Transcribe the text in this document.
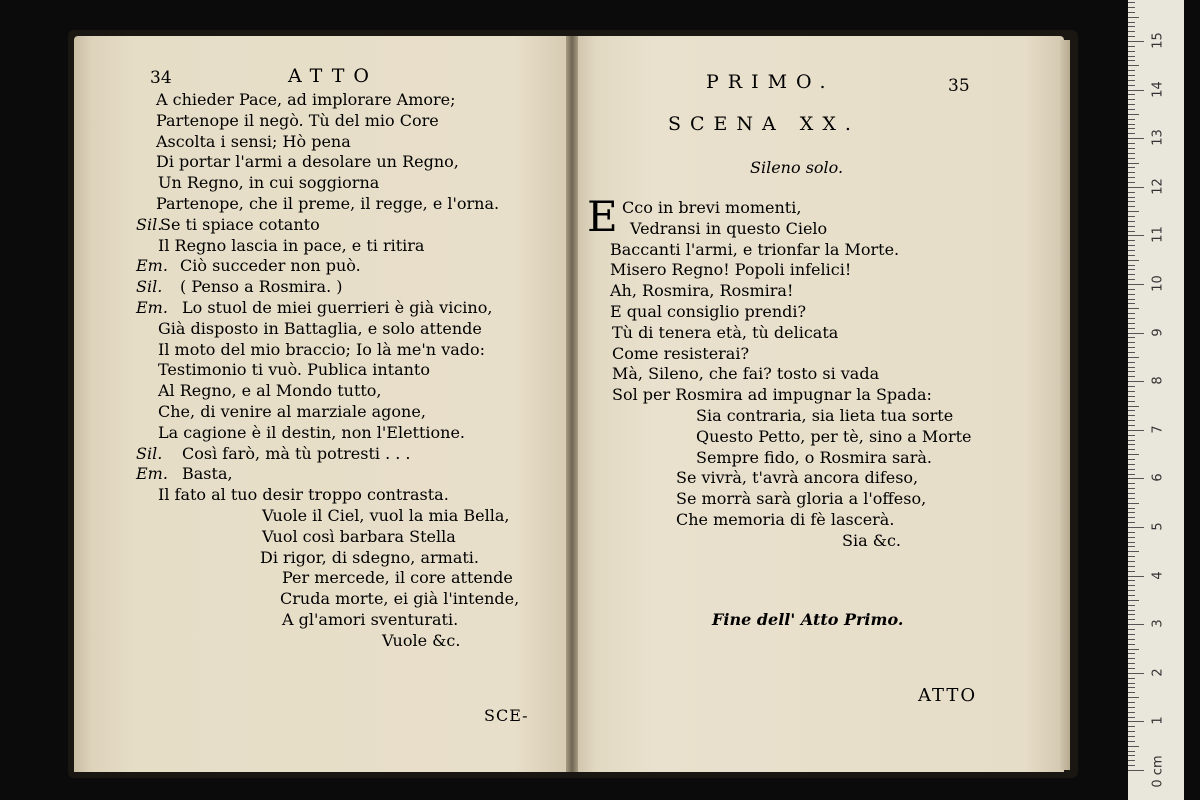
34	ATTO
A chieder Pace, ad implorare Amore;
Partenope il negò. Tù del mio Core
Ascolta i sensi; Hò pena
Di portar l'armi a desolare un Regno,
Un Regno, in cui soggiorna
Partenope, che il preme, il regge, e l'orna.
Sil.
Se ti spiace cotanto
Il Regno lascia in pace, e ti ritira
Em. Ciò succeder non può.
Sil. ( Penso a Rosmira. )
Em. Lo stuol de miei guerrieri è già vicino,
Già disposto in Battaglia, e solo attende
Il moto del mio braccio; Io là me'n vado:
Testimonio ti vuò. Publica intanto
Al Regno, e al Mondo tutto,
Che, di venire al marziale agone,
La cagione è il destin, non l'Elettione.
Sil. Così farò, mà tù potresti . . .
Em. Basta,
Il fato al tuo desir troppo contrasta.
Vuole il Ciel, vuol la mia Bella,
Vuol così barbara Stella
Di rigor, di sdegno, armati.
Per mercede, il core attende
Cruda morte, ei già l'intende,
A gl'amori sventurati.
Vuole &c.
SCE-
PRIMO.	35
SCENA XX.
Sileno solo.
E Cco in brevi momenti,
Vedransi in questo Cielo
Baccanti l'armi, e trionfar la Morte.
Misero Regno! Popoli infelici!
Ah, Rosmira, Rosmira!
E qual consiglio prendi?
Tù di tenera età, tù delicata
Come resisterai?
Mà, Sileno, che fai? tosto si vada
Sol per Rosmira ad impugnar la Spada:
Sia contraria, sia lieta tua sorte
Questo Petto, per tè, sino a Morte
Sempre fido, o Rosmira sarà.
Se vivrà, t'avrà ancora difeso,
Se morrà sarà gloria a l'offeso,
Che memoria di fè lascerà.
Sia &c.
Fine dell' Atto Primo.
ATTO
0 cm
1
2
3
4
5
6
7
8
9
10
11
12
13
14
15
